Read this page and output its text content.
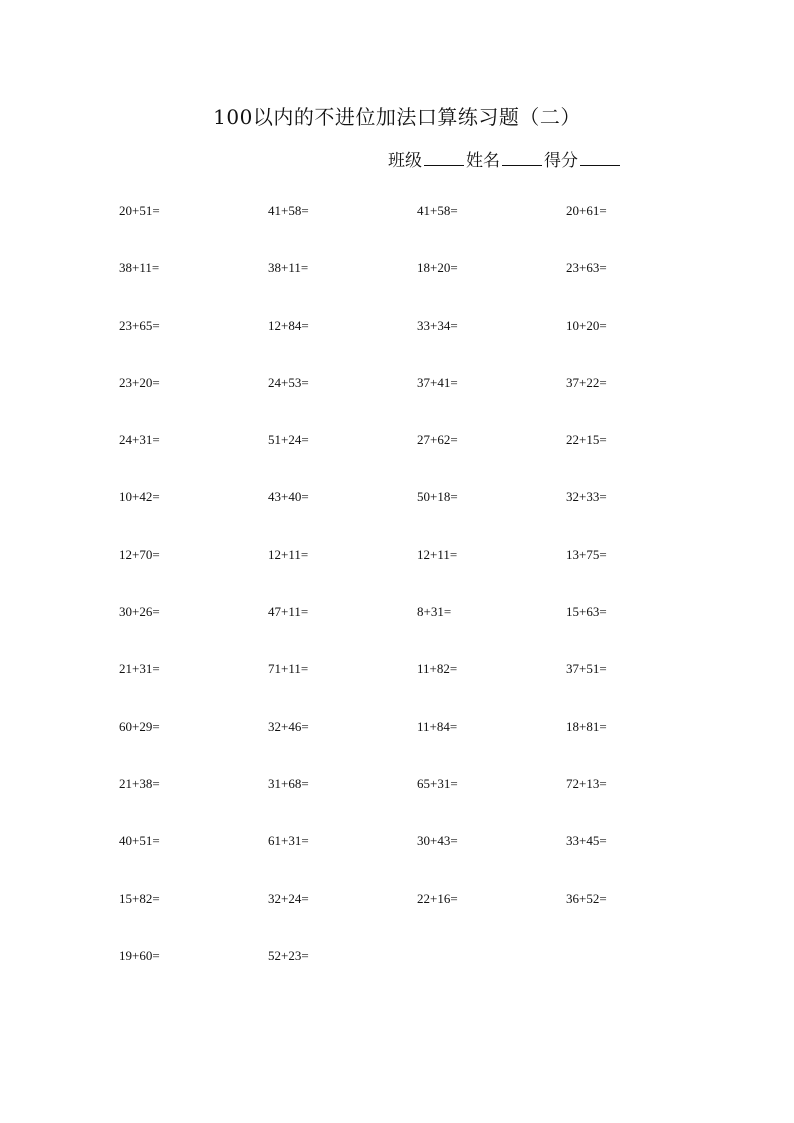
100以内的不进位加法口算练习题（二）
班级	姓名	得分
20+51=	41+58=	41+58=	20+61=
38+11=	38+11=	18+20=	23+63=
23+65=	12+84=	33+34=	10+20=
23+20=	24+53=	37+41=	37+22=
24+31=	51+24=	27+62=	22+15=
10+42=	43+40=	50+18=	32+33=
12+70=	12+11=	12+11=	13+75=
30+26=	47+11=	8+31=	15+63=
21+31=	71+11=	11+82=	37+51=
60+29=	32+46=	11+84=	18+81=
21+38=	31+68=	65+31=	72+13=
40+51=	61+31=	30+43=	33+45=
15+82=	32+24=	22+16=	36+52=
19+60=	52+23=
